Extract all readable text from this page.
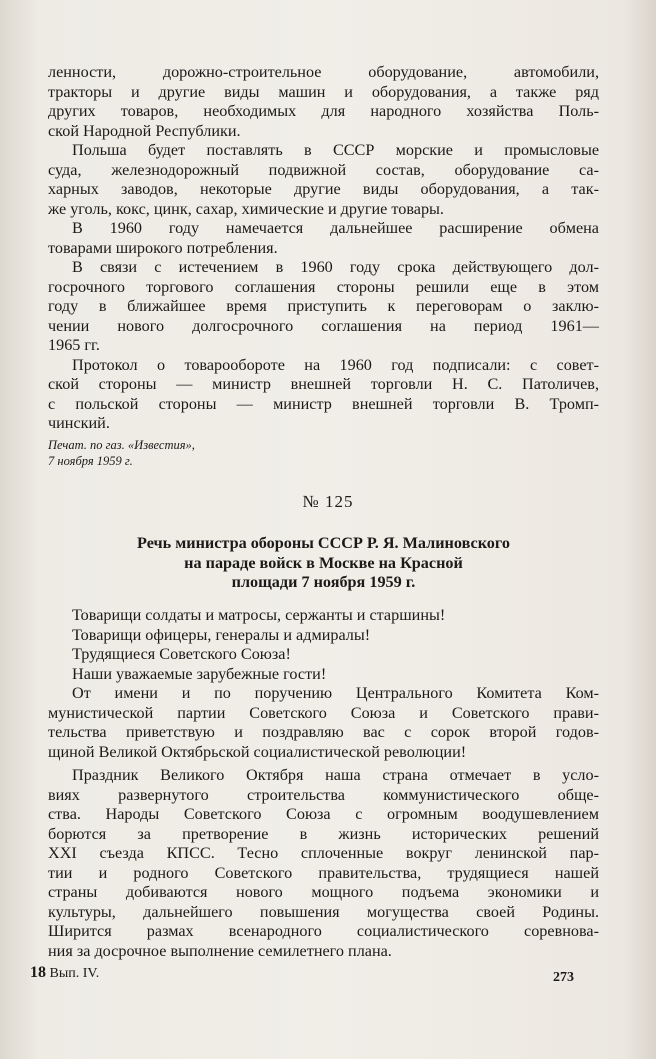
ленности, дорожно-строительное оборудование, автомобили,
тракторы и другие виды машин и оборудования, а также ряд
других товаров, необходимых для народного хозяйства Поль-
ской Народной Республики.
Польша будет поставлять в СССР морские и промысловые
суда, железнодорожный подвижной состав, оборудование са-
харных заводов, некоторые другие виды оборудования, а так-
же уголь, кокс, цинк, сахар, химические и другие товары.
В 1960 году намечается дальнейшее расширение обмена
товарами широкого потребления.
В связи с истечением в 1960 году срока действующего дол-
госрочного торгового соглашения стороны решили еще в этом
году в ближайшее время приступить к переговорам о заклю-
чении нового долгосрочного соглашения на период 1961—
1965 гг.
Протокол о товарообороте на 1960 год подписали: с совет-
ской стороны — министр внешней торговли Н. С. Патоличев,
с польской стороны — министр внешней торговли В. Тромп-
чинский.
Печат. по газ. «Известия»,
7 ноября 1959 г.
№ 125
Речь министра обороны СССР Р. Я. Малиновского
на параде войск в Москве на Красной
площади 7 ноября 1959 г.
Товарищи солдаты и матросы, сержанты и старшины!
Товарищи офицеры, генералы и адмиралы!
Трудящиеся Советского Союза!
Наши уважаемые зарубежные гости!
От имени и по поручению Центрального Комитета Ком-
мунистической партии Советского Союза и Советского прави-
тельства приветствую и поздравляю вас с сорок второй годов-
щиной Великой Октябрьской социалистической революции!
Праздник Великого Октября наша страна отмечает в усло-
виях развернутого строительства коммунистического обще-
ства. Народы Советского Союза с огромным воодушевлением
борются за претворение в жизнь исторических решений
XXI съезда КПСС. Тесно сплоченные вокруг ленинской пар-
тии и родного Советского правительства, трудящиеся нашей
страны добиваются нового мощного подъема экономики и
культуры, дальнейшего повышения могущества своей Родины.
Ширится размах всенародного социалистического соревнова-
ния за досрочное выполнение семилетнего плана.
18 Вып. IV.	273
